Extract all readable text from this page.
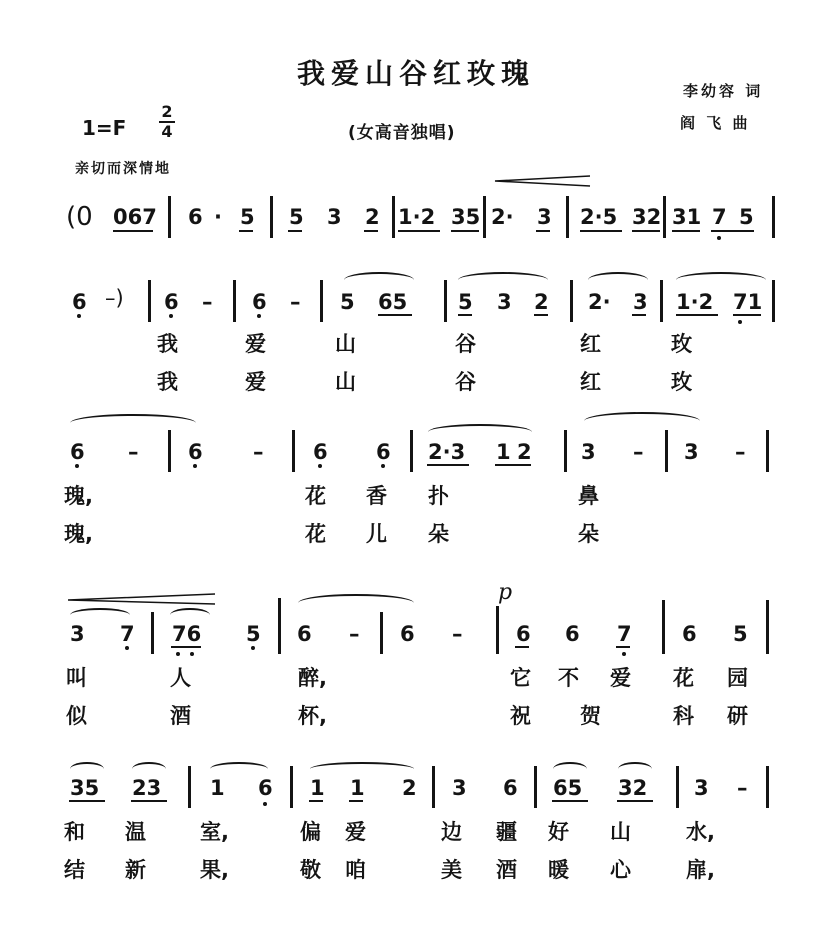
我爱山谷红玫瑰
李幼容 词
阎 飞 曲
1=F
2
4	(女高音独唱)
亲切而深情地
(0 067 6 · 5 5 3 2 1·2 35 2· 3 2·5 32 31 7 5
6 –) 6 – 6 – 5 65 5 3 2 2· 3 1·2 71
我	爱	山	谷	红	玫
我	爱	山	谷	红	玫
6 – 6 – 6 6 2·3 1 2 3 – 3 –
瑰,	花 香 扑	鼻
瑰,	花 儿 朵	朵
p
3 7 76 5 6 – 6 –	6 6 7 6 5
叫	人	醉,	它 不 爱 花 园
似	酒	杯,	祝 贺	科 研
35 23 1 6 1 1 2 3 6 65 32 3 –
和 温	室,	偏 爱	边 疆 好 山	水,
结 新	果,	敬 咱	美 酒 暖 心	扉,
